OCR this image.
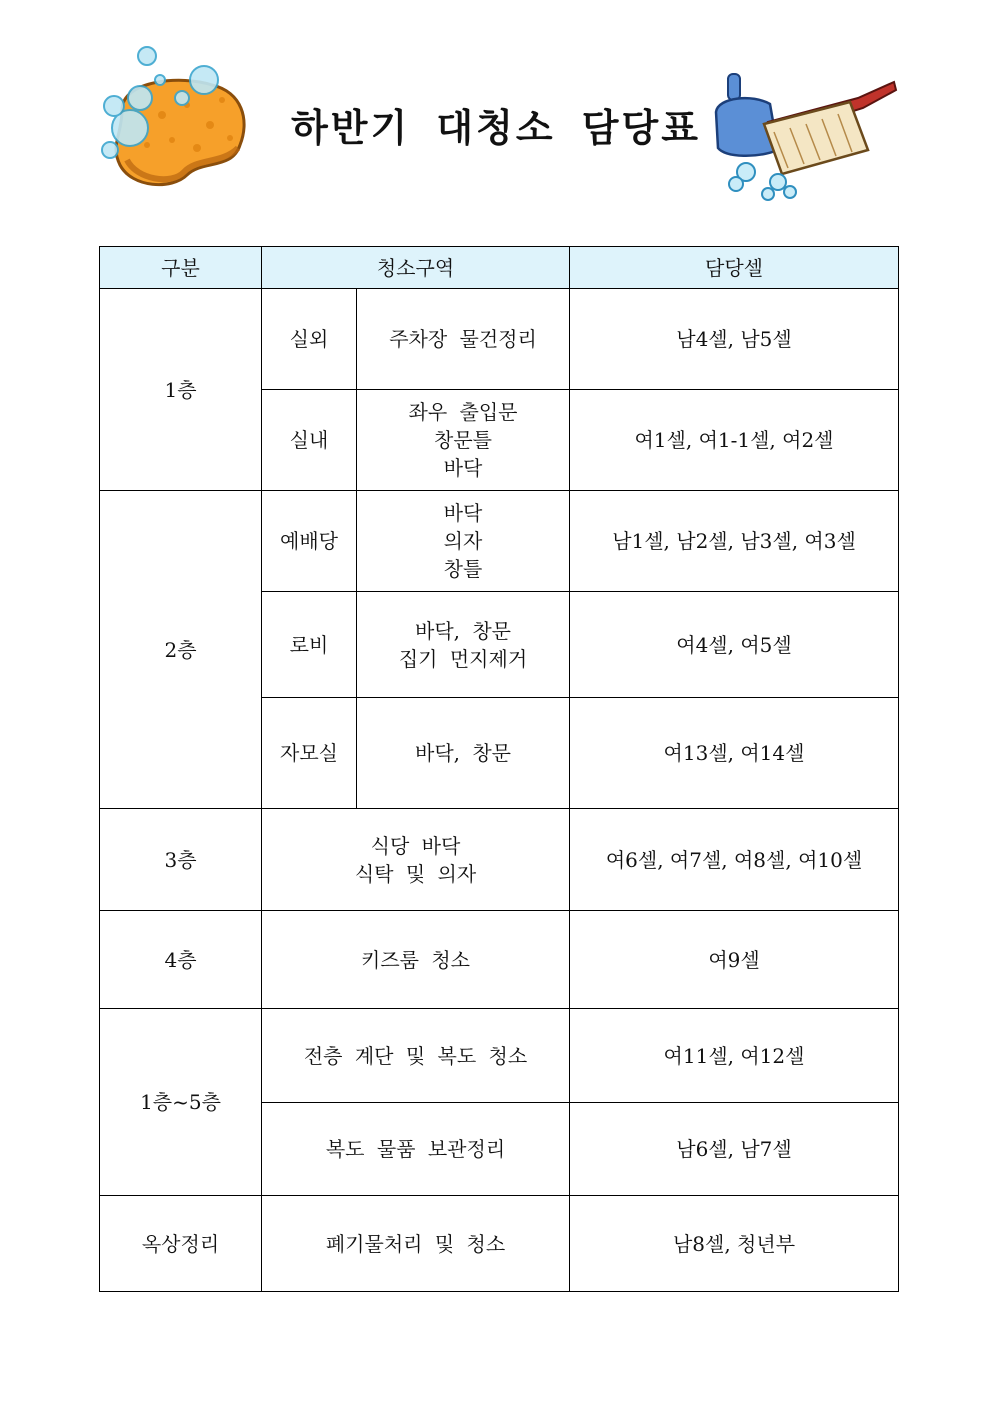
하반기 대청소 담당표
구분	청소구역		담당셀
1층	실외	주차장 물건정리	남4셀, 남5셀
	실내	좌우 출입문
창문틀
바닥	여1셀, 여1-1셀, 여2셀
2층	예배당	바닥
의자
창틀	남1셀, 남2셀, 남3셀, 여3셀
	로비	바닥, 창문
집기 먼지제거	여4셀, 여5셀
	자모실	바닥, 창문	여13셀, 여14셀
3층	식당 바닥
식탁 및 의자		여6셀, 여7셀, 여8셀, 여10셀
4층	키즈룸 청소		여9셀
1층~5층	전층 계단 및 복도 청소		여11셀, 여12셀
	복도 물품 보관정리		남6셀, 남7셀
옥상정리	폐기물처리 및 청소		남8셀, 청년부
